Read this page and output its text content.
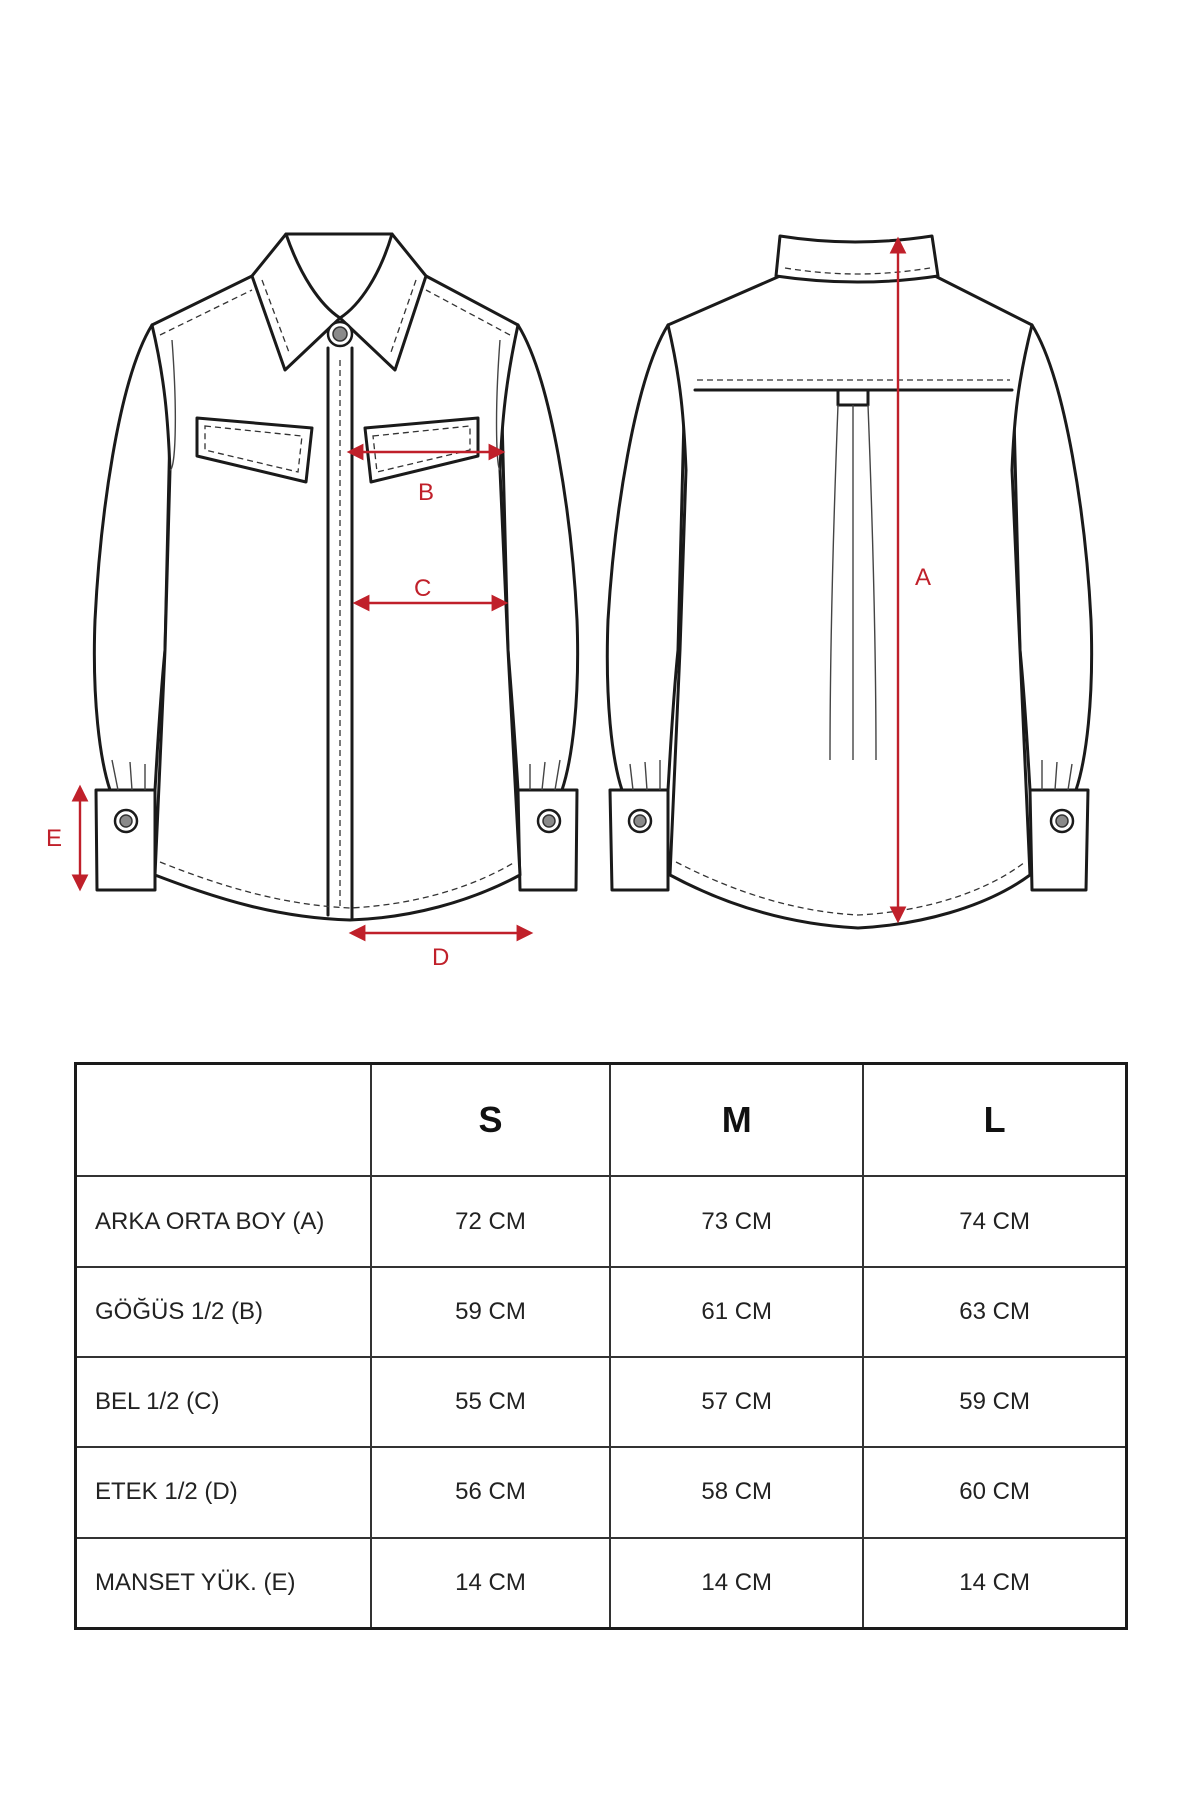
A
B
C
D
E
	S	M	L
ARKA ORTA BOY (A)	72 CM	73 CM	74 CM
GÖĞÜS 1/2 (B)	59 CM	61 CM	63 CM
BEL 1/2 (C)	55 CM	57 CM	59 CM
ETEK 1/2 (D)	56 CM	58 CM	60 CM
MANSET YÜK. (E)	14 CM	14 CM	14 CM
